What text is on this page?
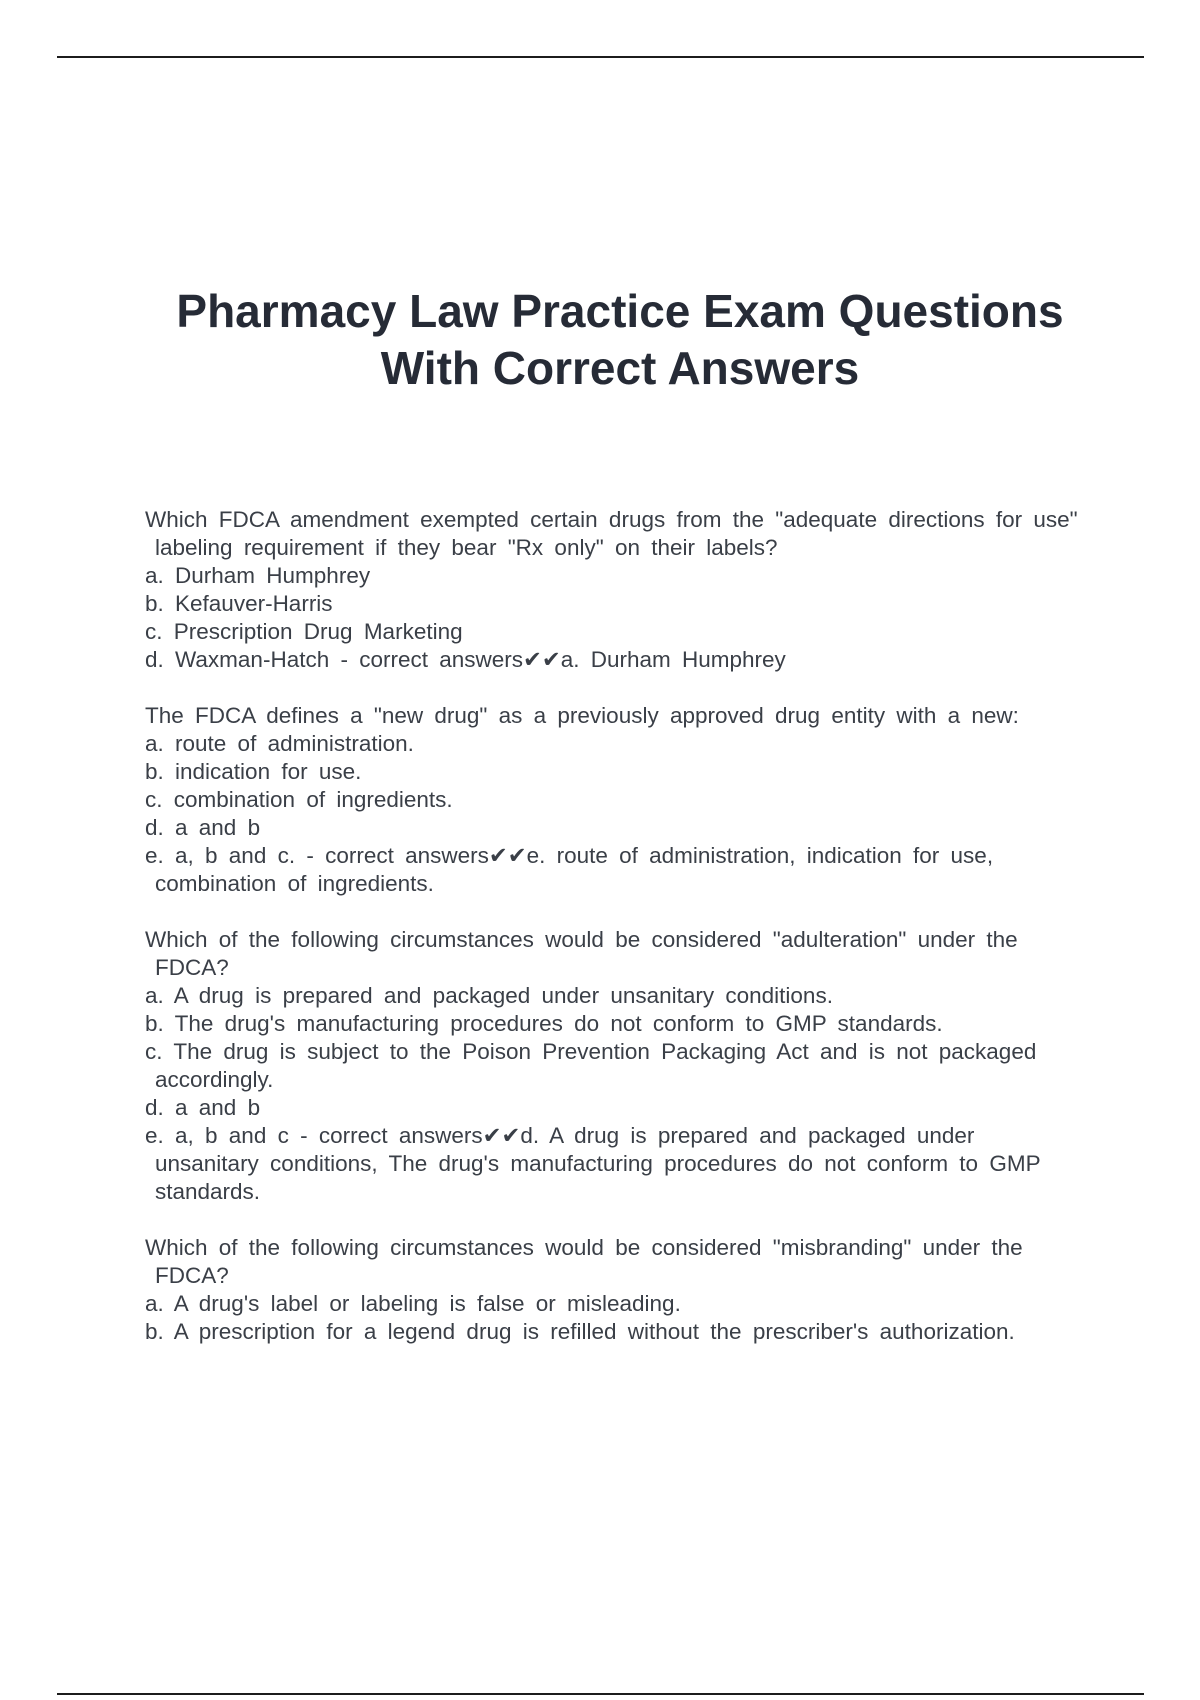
Pharmacy Law Practice Exam Questions
With Correct Answers

Which FDCA amendment exempted certain drugs from the "adequate directions for use" labeling requirement if they bear "Rx only" on their labels?

a. Durham Humphrey

b. Kefauver-Harris

c. Prescription Drug Marketing

d. Waxman-Hatch - correct answers✔✔a. Durham Humphrey

The FDCA defines a "new drug" as a previously approved drug entity with a new:

a. route of administration.

b. indication for use.

c. combination of ingredients.

d. a and b

e. a, b and c. - correct answers✔✔e. route of administration, indication for use, combination of ingredients.

Which of the following circumstances would be considered "adulteration" under the FDCA?

a. A drug is prepared and packaged under unsanitary conditions.

b. The drug's manufacturing procedures do not conform to GMP standards.

c. The drug is subject to the Poison Prevention Packaging Act and is not packaged accordingly.

d. a and b

e. a, b and c - correct answers✔✔d. A drug is prepared and packaged under unsanitary conditions, The drug's manufacturing procedures do not conform to GMP standards.

Which of the following circumstances would be considered "misbranding" under the FDCA?

a. A drug's label or labeling is false or misleading.

b. A prescription for a legend drug is refilled without the prescriber's authorization.
